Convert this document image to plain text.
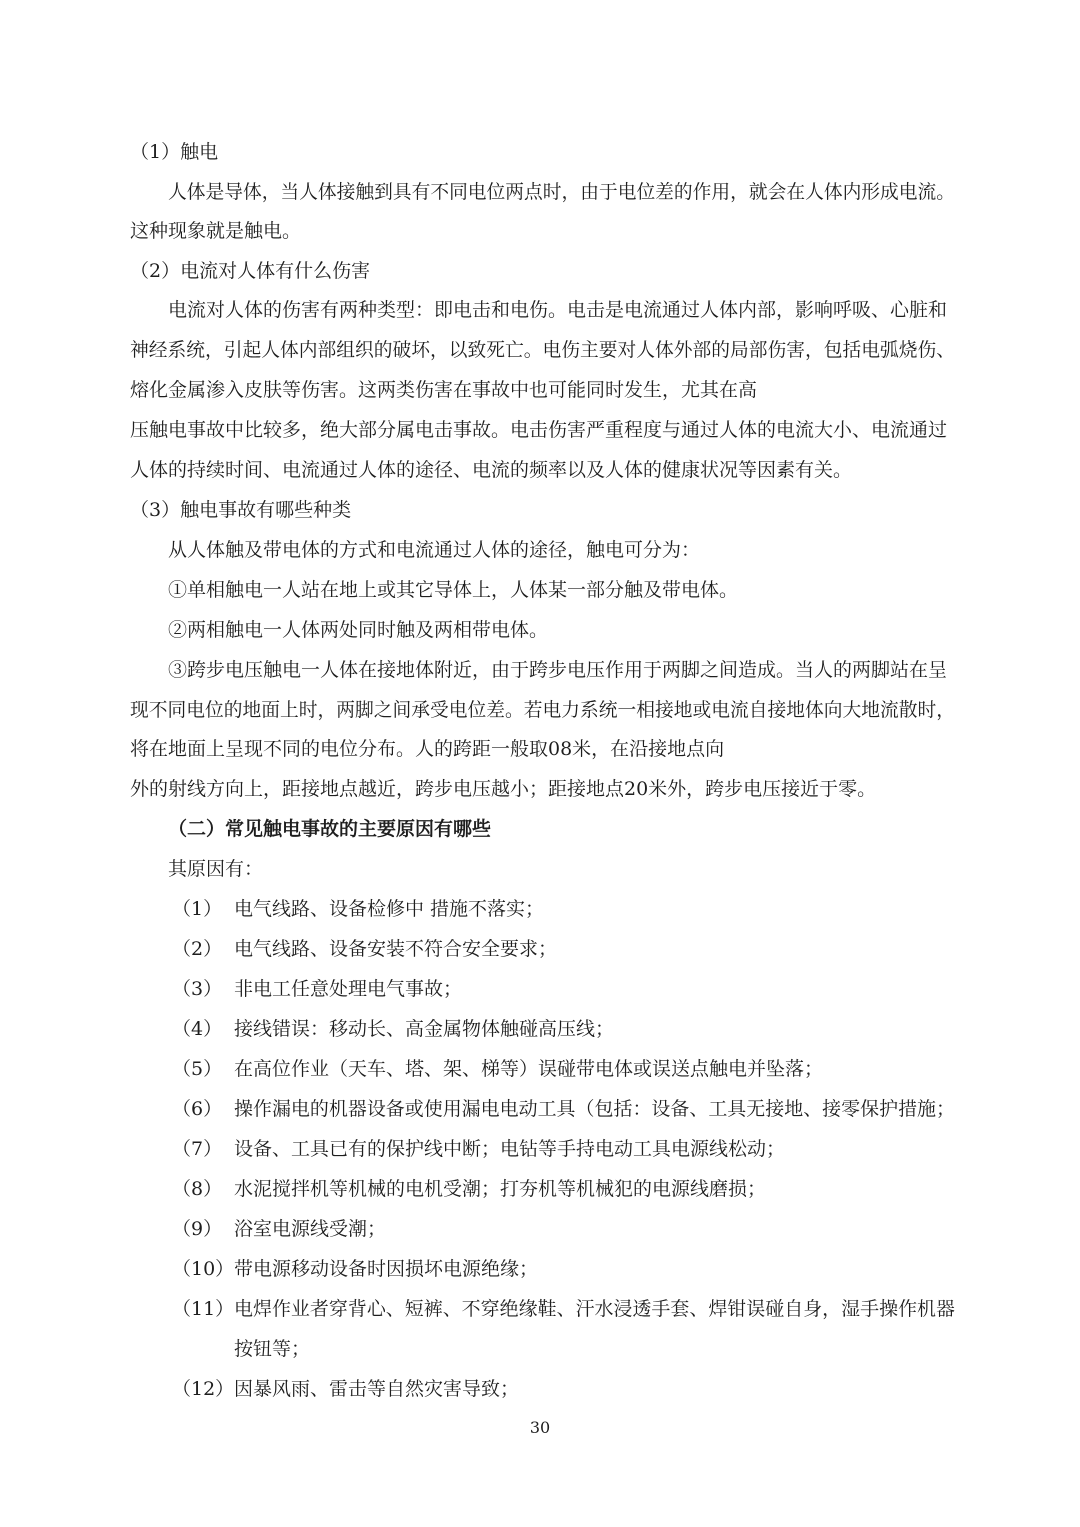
（1）触电

人体是导体，当人体接触到具有不同电位两点时，由于电位差的作用，就会在人体内形成电流。

这种现象就是触电。

（2）电流对人体有什么伤害

电流对人体的伤害有两种类型：即电击和电伤。电击是电流通过人体内部，影响呼吸、心脏和

神经系统，引起人体内部组织的破坏，以致死亡。电伤主要对人体外部的局部伤害，包括电弧烧伤、

熔化金属渗入皮肤等伤害。这两类伤害在事故中也可能同时发生，尤其在高

压触电事故中比较多，绝大部分属电击事故。电击伤害严重程度与通过人体的电流大小、电流通过

人体的持续时间、电流通过人体的途径、电流的频率以及人体的健康状况等因素有关。

（3）触电事故有哪些种类

从人体触及带电体的方式和电流通过人体的途径，触电可分为：

①单相触电一人站在地上或其它导体上，人体某一部分触及带电体。

②两相触电一人体两处同时触及两相带电体。

③跨步电压触电一人体在接地体附近，由于跨步电压作用于两脚之间造成。当人的两脚站在呈

现不同电位的地面上时，两脚之间承受电位差。若电力系统一相接地或电流自接地体向大地流散时，

将在地面上呈现不同的电位分布。人的跨距一般取08米，在沿接地点向

外的射线方向上，距接地点越近，跨步电压越小；距接地点20米外，跨步电压接近于零。

（二）常见触电事故的主要原因有哪些

其原因有：

（1） 电气线路、设备检修中 措施不落实；
（2） 电气线路、设备安装不符合安全要求；
（3） 非电工任意处理电气事故；
（4） 接线错误：移动长、高金属物体触碰高压线；
（5） 在高位作业（天车、塔、架、梯等）误碰带电体或误送点触电并坠落；
（6） 操作漏电的机器设备或使用漏电电动工具（包括：设备、工具无接地、接零保护措施；
（7） 设备、工具已有的保护线中断；电钻等手持电动工具电源线松动；
（8） 水泥搅拌机等机械的电机受潮；打夯机等机械犯的电源线磨损；
（9） 浴室电源线受潮；
（10） 带电源移动设备时因损坏电源绝缘；
（11） 电焊作业者穿背心、短裤、不穿绝缘鞋、汗水浸透手套、焊钳误碰自身，湿手操作机器
按钮等；
（12） 因暴风雨、雷击等自然灾害导致；
30
